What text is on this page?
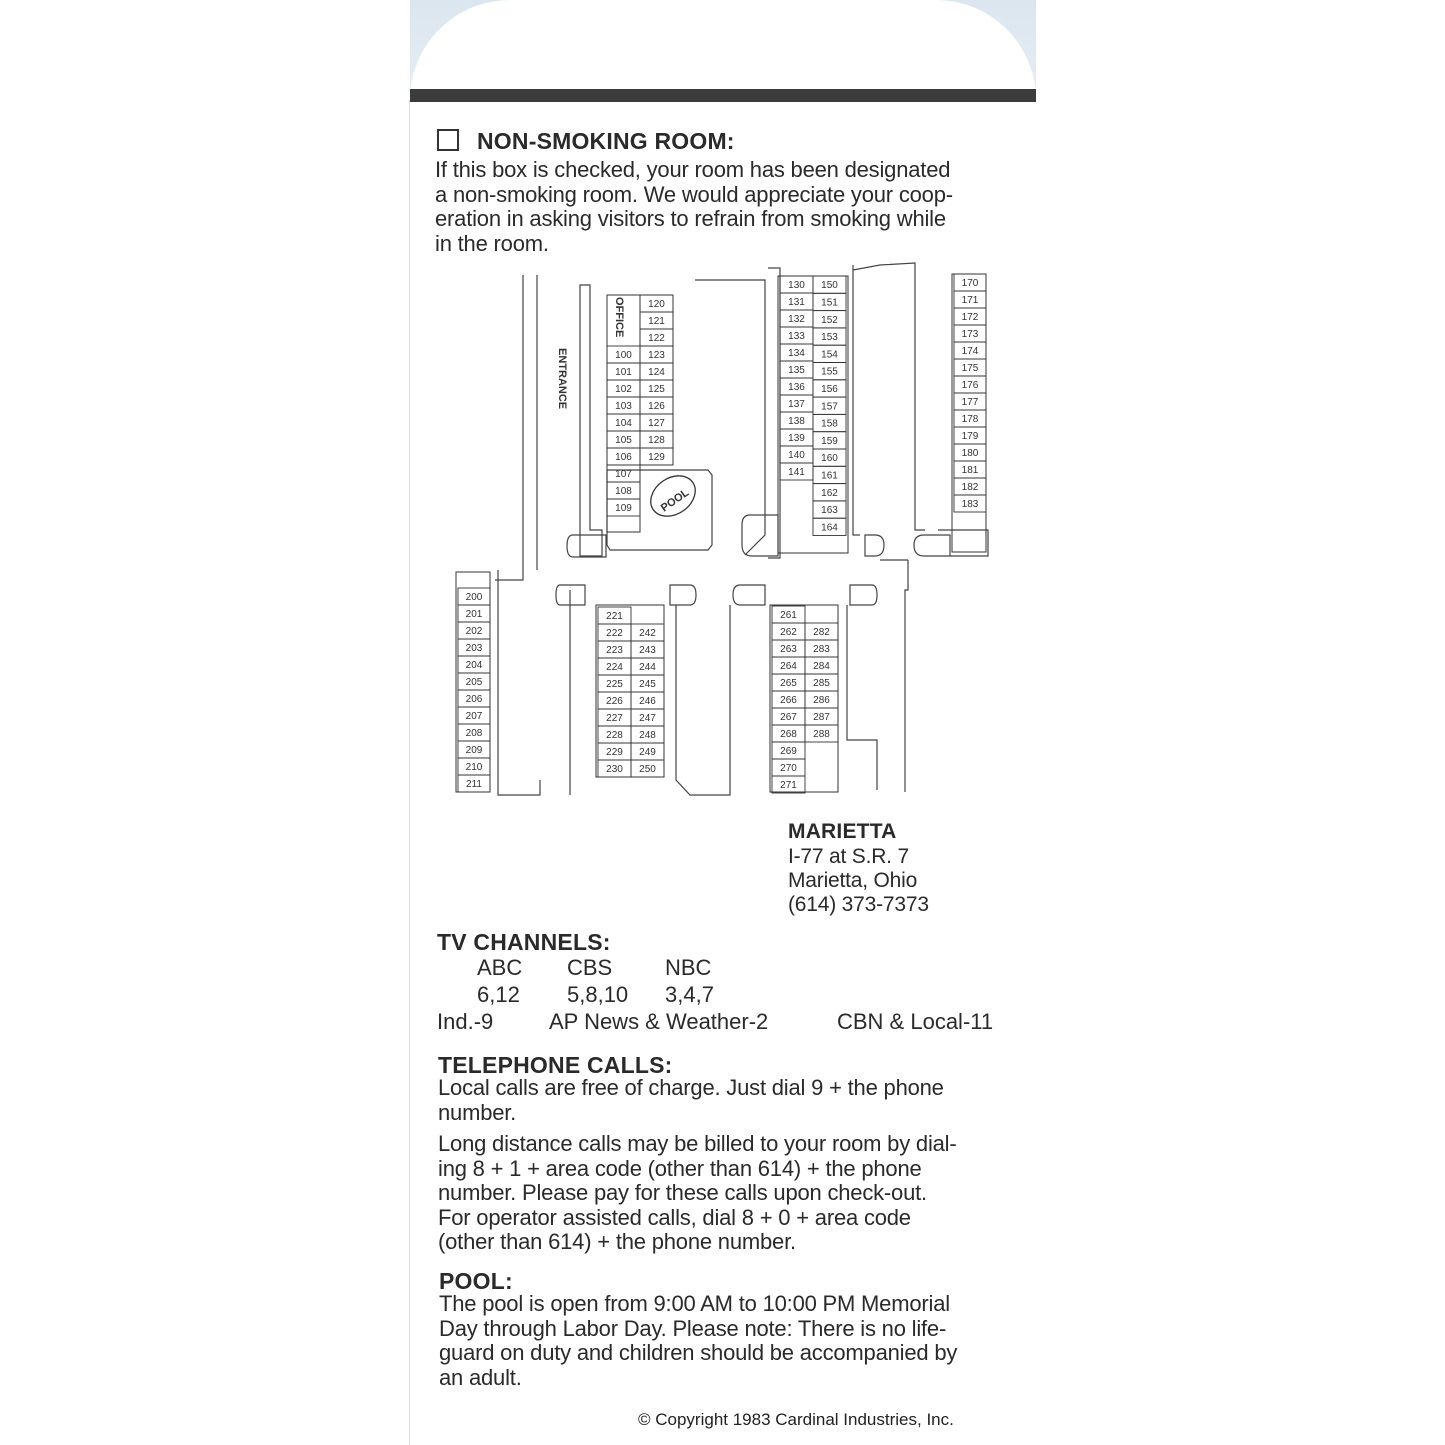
NON-SMOKING ROOM:
If this box is checked, your room has been designated
a non-smoking room. We would appreciate your coop-
eration in asking visitors to refrain from smoking while
in the room.
OFFICE
100
101
102
103
104
105
106
107
108
109
120
121
122
123
124
125
126
127
128
129
POOL
130
131
132
133
134
135
136
137
138
139
140
141
150
151
152
153
154
155
156
157
158
159
160
161
162
163
164
170
171
172
173
174
175
176
177
178
179
180
181
182
183
200
201
202
203
204
205
206
207
208
209
210
211
221
222
223
224
225
226
227
228
229
230
242
243
244
245
246
247
248
249
250
261
262
263
264
265
266
267
268
269
270
271
282
283
284
285
286
287
288
ENTRANCE
MARIETTA
I-77 at S.R. 7
Marietta, Ohio
(614) 373-7373
TV CHANNELS:
ABC CBS NBC
6,12 5,8,10 3,4,7
Ind.-9	AP News & Weather-2	CBN & Local-11
TELEPHONE CALLS:
Local calls are free of charge. Just dial 9 + the phone
number.
Long distance calls may be billed to your room by dial-
ing 8 + 1 + area code (other than 614) + the phone
number. Please pay for these calls upon check-out.
For operator assisted calls, dial 8 + 0 + area code
(other than 614) + the phone number.
POOL:
The pool is open from 9:00 AM to 10:00 PM Memorial
Day through Labor Day. Please note: There is no life-
guard on duty and children should be accompanied by
an adult.
© Copyright 1983 Cardinal Industries, Inc.
